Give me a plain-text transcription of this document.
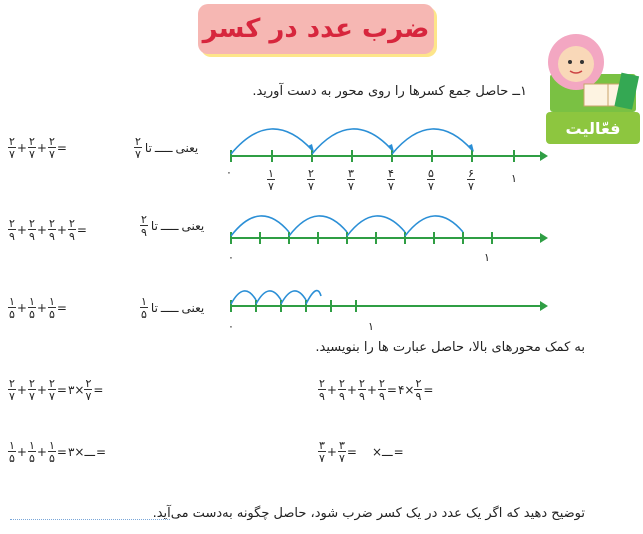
ضرب عدد در کسر
فعّالیت
۱ــ حاصل جمع کسرها را روی محور به دست آورید.
۰	۱
۷
۲
۷
۳
۷
۴
۷
۵
۷
۶
۷
۱
$\frac{۲}{۷} + \frac{۲}{۷} + \frac{۲}{۷}$ =	یعنی
ـــــ
تا
$\frac{۲}{۷}$
۰	۱
$\frac{۲}{۹} + \frac{۲}{۹} + \frac{۲}{۹} + \frac{۲}{۹}$ =	یعنی
ـــــ
تا
$\frac{۲}{۹}$
۰	۱
$\frac{۱}{۵} + \frac{۱}{۵} + \frac{۱}{۵}$ =	یعنی
ـــــ
تا
$\frac{۱}{۵}$
به کمک محورهای بالا، حاصل عبارت ها را بنویسید.
$\frac{۲}{۷} + \frac{۲}{۷} + \frac{۲}{۷}$ = ۳ × $\frac{۲}{۷}$ =	$\frac{۲}{۹} + \frac{۲}{۹} + \frac{۲}{۹} + \frac{۲}{۹}$ = ۴ × $\frac{۲}{۹}$ =
$\frac{۱}{۵} + \frac{۱}{۵} + \frac{۱}{۵}$ = ۳ × ـــ =	$\frac{۳}{۷} + \frac{۳}{۷}$ = × ـــ =
توضیح دهید که اگر یک عدد در یک کسر ضرب شود، حاصل چگونه به‌دست می‌آید.
